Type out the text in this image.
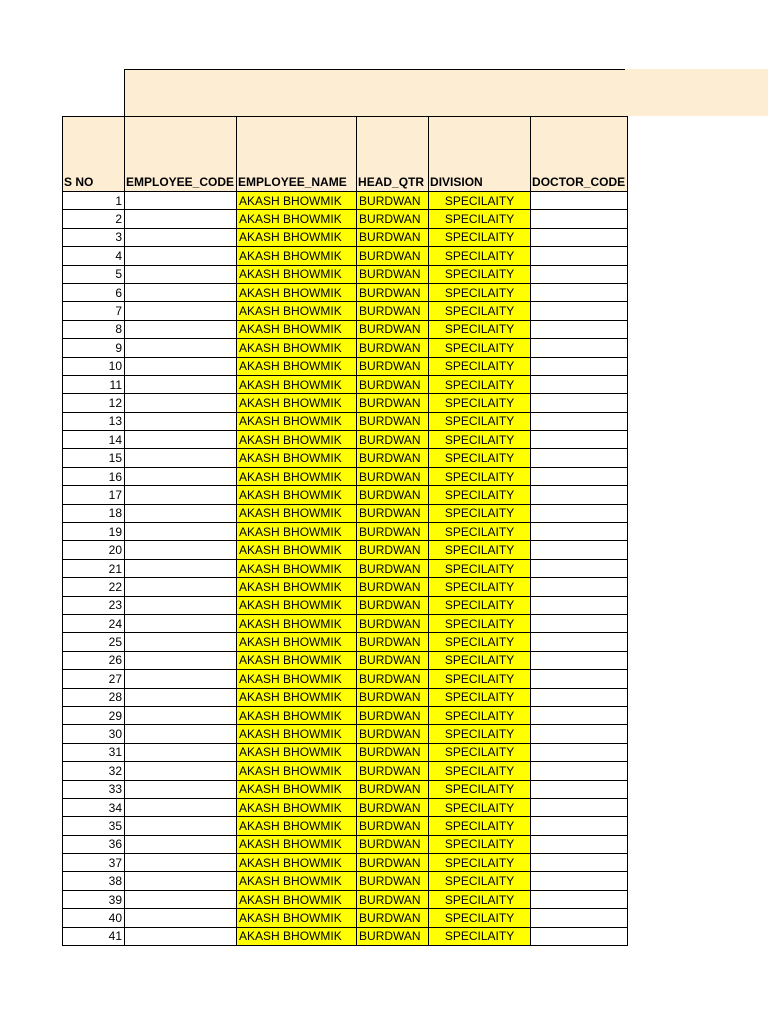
S NO	EMPLOYEE_CODE	EMPLOYEE_NAME	HEAD_QTR	DIVISION	DOCTOR_CODE
1		AKASH BHOWMIK	BURDWAN	SPECILAITY	
2		AKASH BHOWMIK	BURDWAN	SPECILAITY	
3		AKASH BHOWMIK	BURDWAN	SPECILAITY	
4		AKASH BHOWMIK	BURDWAN	SPECILAITY	
5		AKASH BHOWMIK	BURDWAN	SPECILAITY	
6		AKASH BHOWMIK	BURDWAN	SPECILAITY	
7		AKASH BHOWMIK	BURDWAN	SPECILAITY	
8		AKASH BHOWMIK	BURDWAN	SPECILAITY	
9		AKASH BHOWMIK	BURDWAN	SPECILAITY	
10		AKASH BHOWMIK	BURDWAN	SPECILAITY	
11		AKASH BHOWMIK	BURDWAN	SPECILAITY	
12		AKASH BHOWMIK	BURDWAN	SPECILAITY	
13		AKASH BHOWMIK	BURDWAN	SPECILAITY	
14		AKASH BHOWMIK	BURDWAN	SPECILAITY	
15		AKASH BHOWMIK	BURDWAN	SPECILAITY	
16		AKASH BHOWMIK	BURDWAN	SPECILAITY	
17		AKASH BHOWMIK	BURDWAN	SPECILAITY	
18		AKASH BHOWMIK	BURDWAN	SPECILAITY	
19		AKASH BHOWMIK	BURDWAN	SPECILAITY	
20		AKASH BHOWMIK	BURDWAN	SPECILAITY	
21		AKASH BHOWMIK	BURDWAN	SPECILAITY	
22		AKASH BHOWMIK	BURDWAN	SPECILAITY	
23		AKASH BHOWMIK	BURDWAN	SPECILAITY	
24		AKASH BHOWMIK	BURDWAN	SPECILAITY	
25		AKASH BHOWMIK	BURDWAN	SPECILAITY	
26		AKASH BHOWMIK	BURDWAN	SPECILAITY	
27		AKASH BHOWMIK	BURDWAN	SPECILAITY	
28		AKASH BHOWMIK	BURDWAN	SPECILAITY	
29		AKASH BHOWMIK	BURDWAN	SPECILAITY	
30		AKASH BHOWMIK	BURDWAN	SPECILAITY	
31		AKASH BHOWMIK	BURDWAN	SPECILAITY	
32		AKASH BHOWMIK	BURDWAN	SPECILAITY	
33		AKASH BHOWMIK	BURDWAN	SPECILAITY	
34		AKASH BHOWMIK	BURDWAN	SPECILAITY	
35		AKASH BHOWMIK	BURDWAN	SPECILAITY	
36		AKASH BHOWMIK	BURDWAN	SPECILAITY	
37		AKASH BHOWMIK	BURDWAN	SPECILAITY	
38		AKASH BHOWMIK	BURDWAN	SPECILAITY	
39		AKASH BHOWMIK	BURDWAN	SPECILAITY	
40		AKASH BHOWMIK	BURDWAN	SPECILAITY	
41		AKASH BHOWMIK	BURDWAN	SPECILAITY	
